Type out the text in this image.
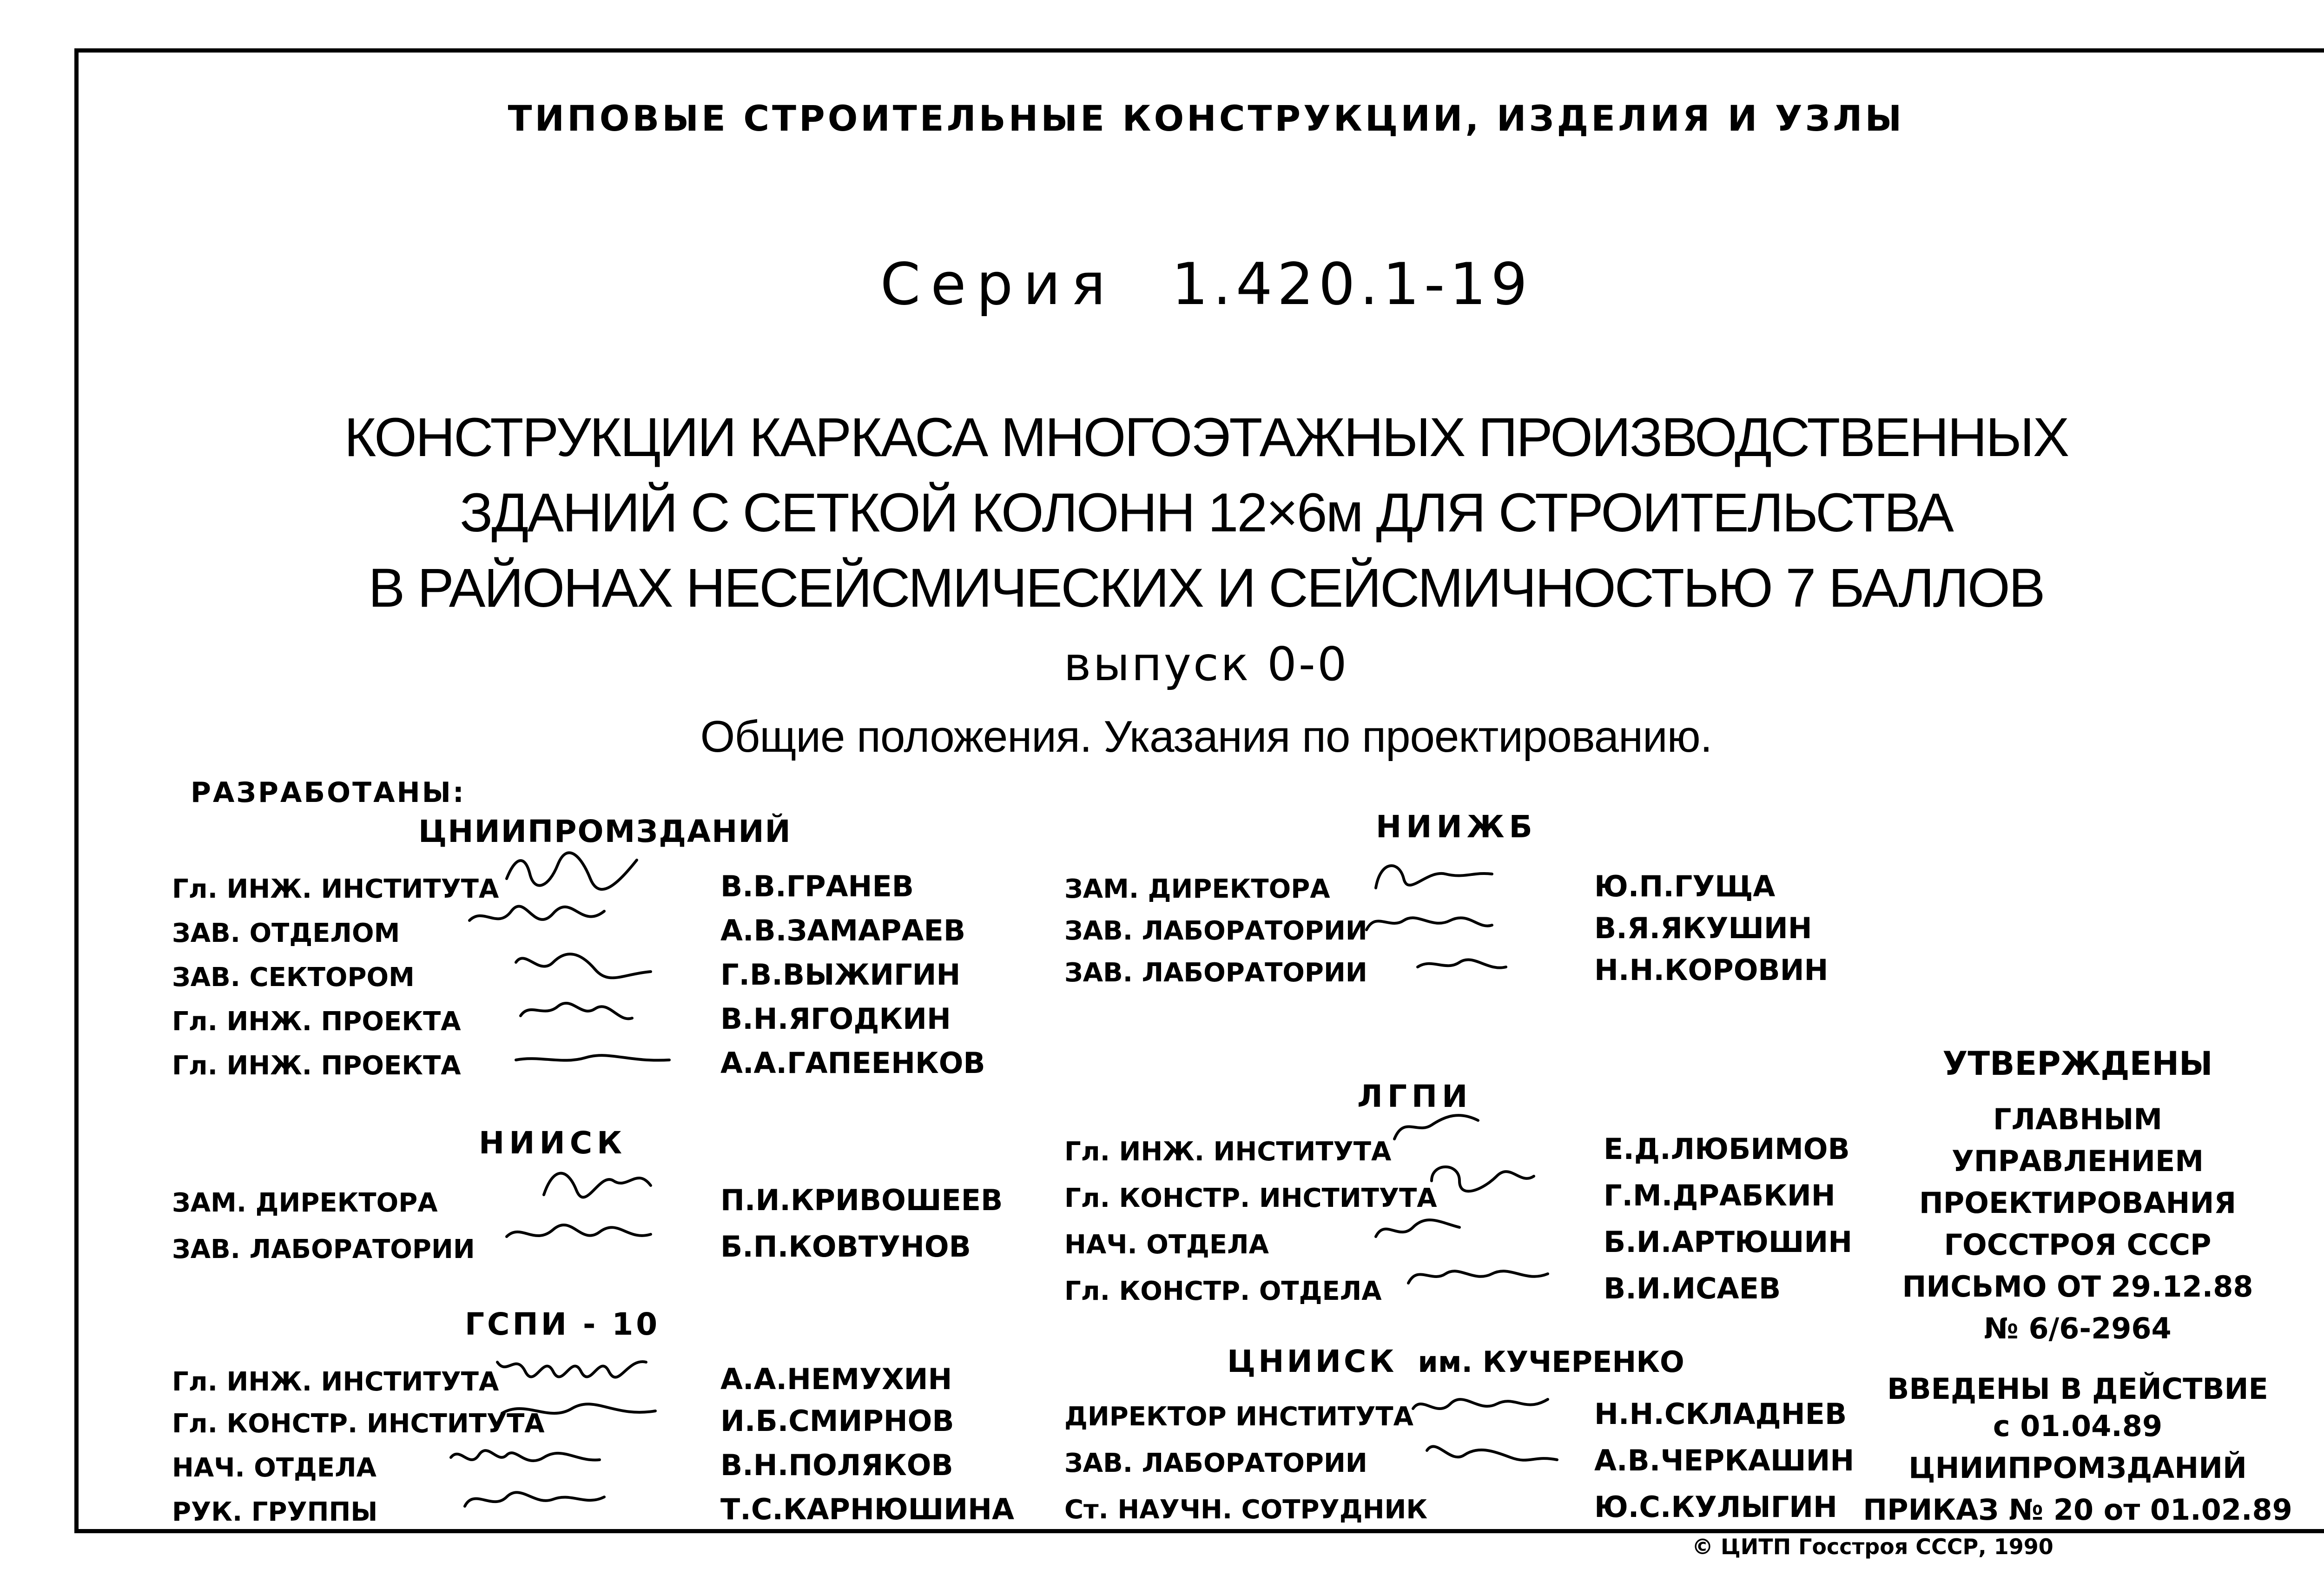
ТИПОВЫЕ СТРОИТЕЛЬНЫЕ КОНСТРУКЦИИ, ИЗДЕЛИЯ И УЗЛЫ
Серия 1.420.1-19
КОНСТРУКЦИИ КАРКАСА МНОГОЭТАЖНЫХ ПРОИЗВОДСТВЕННЫХ
ЗДАНИЙ С СЕТКОЙ КОЛОНН 12×6м ДЛЯ СТРОИТЕЛЬСТВА
В РАЙОНАХ НЕСЕЙСМИЧЕСКИХ И СЕЙСМИЧНОСТЬЮ 7 БАЛЛОВ
выпуск 0-0
Общие положения. Указания по проектированию.
РАЗРАБОТАНЫ:
ЦНИИПРОМЗДАНИЙ
Гл. ИНЖ. ИНСТИТУТА	В.В.ГРАНЕВ
ЗАВ. ОТДЕЛОМ	А.В.ЗАМАРАЕВ
ЗАВ. СЕКТОРОМ	Г.В.ВЫЖИГИН
Гл. ИНЖ. ПРОЕКТА	В.Н.ЯГОДКИН
Гл. ИНЖ. ПРОЕКТА	А.А.ГАПЕЕНКОВ
НИИСК
ЗАМ. ДИРЕКТОРА	П.И.КРИВОШЕЕВ
ЗАВ. ЛАБОРАТОРИИ	Б.П.КОВТУНОВ
ГСПИ - 10
Гл. ИНЖ. ИНСТИТУТА	А.А.НЕМУХИН
Гл. КОНСТР. ИНСТИТУТА	И.Б.СМИРНОВ
НАЧ. ОТДЕЛА	В.Н.ПОЛЯКОВ
РУК. ГРУППЫ	Т.С.КАРНЮШИНА
НИИЖБ
ЗАМ. ДИРЕКТОРА	Ю.П.ГУЩА
ЗАВ. ЛАБОРАТОРИИ	В.Я.ЯКУШИН
ЗАВ. ЛАБОРАТОРИИ	Н.Н.КОРОВИН
ЛГПИ
Гл. ИНЖ. ИНСТИТУТА	Е.Д.ЛЮБИМОВ
Гл. КОНСТР. ИНСТИТУТА	Г.М.ДРАБКИН
НАЧ. ОТДЕЛА	Б.И.АРТЮШИН
Гл. КОНСТР. ОТДЕЛА	В.И.ИСАЕВ
ЦНИИСК им. КУЧЕРЕНКО
ДИРЕКТОР ИНСТИТУТА	Н.Н.СКЛАДНЕВ
ЗАВ. ЛАБОРАТОРИИ	А.В.ЧЕРКАШИН
Ст. НАУЧН. СОТРУДНИК	Ю.С.КУЛЫГИН
УТВЕРЖДЕНЫ
ГЛАВНЫМ
УПРАВЛЕНИЕМ
ПРОЕКТИРОВАНИЯ
ГОССТРОЯ СССР
ПИСЬМО ОТ 29.12.88
№ 6/6-2964
ВВЕДЕНЫ В ДЕЙСТВИЕ
с 01.04.89
ЦНИИПРОМЗДАНИЙ
ПРИКАЗ № 20 от 01.02.89
© ЦИТП Госстроя СССР, 1990
